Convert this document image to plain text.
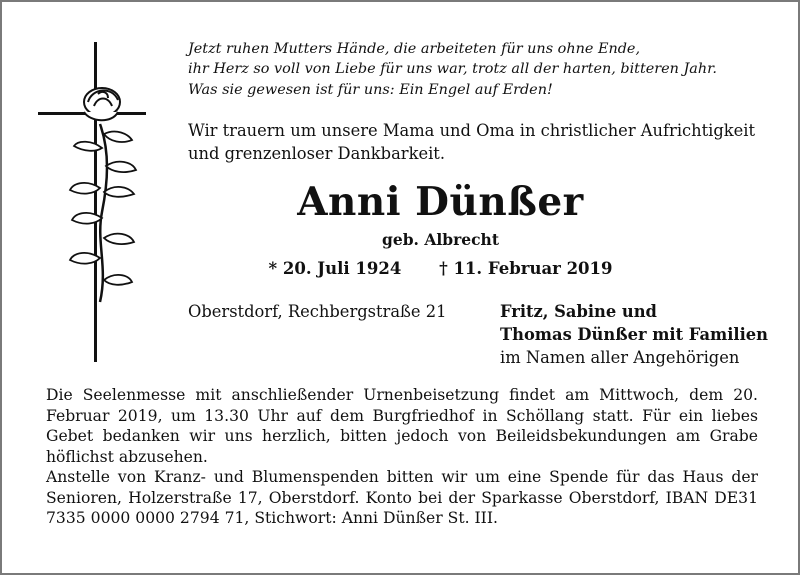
Jetzt ruhen Mutters Hände, die arbeiteten für uns ohne Ende,
ihr Herz so voll von Liebe für uns war, trotz all der harten, bitteren Jahr.
Was sie gewesen ist für uns: Ein Engel auf Erden!
Wir trauern um unsere Mama und Oma in christlicher Aufrichtigkeit
und grenzenloser Dankbarkeit.
Anni Dünßer
geb. Albrecht
* 20. Juli 1924 † 11. Februar 2019
Oberstdorf, Rechbergstraße 21	Fritz, Sabine und
Thomas Dünßer mit Familien
im Namen aller Angehörigen

Die Seelenmesse mit anschließender Urnenbeisetzung findet am Mittwoch, dem 20. Februar 2019, um 13.30 Uhr auf dem Burgfriedhof in Schöllang statt. Für ein liebes Gebet bedanken wir uns herzlich, bitten jedoch von Beileidsbekundungen am Grabe höflichst abzusehen.

Anstelle von Kranz- und Blumenspenden bitten wir um eine Spende für das Haus der Senioren, Holzerstraße 17, Oberstdorf. Konto bei der Sparkasse Oberstdorf, IBAN DE31 7335 0000 0000 2794 71, Stichwort: Anni Dünßer St. III.
